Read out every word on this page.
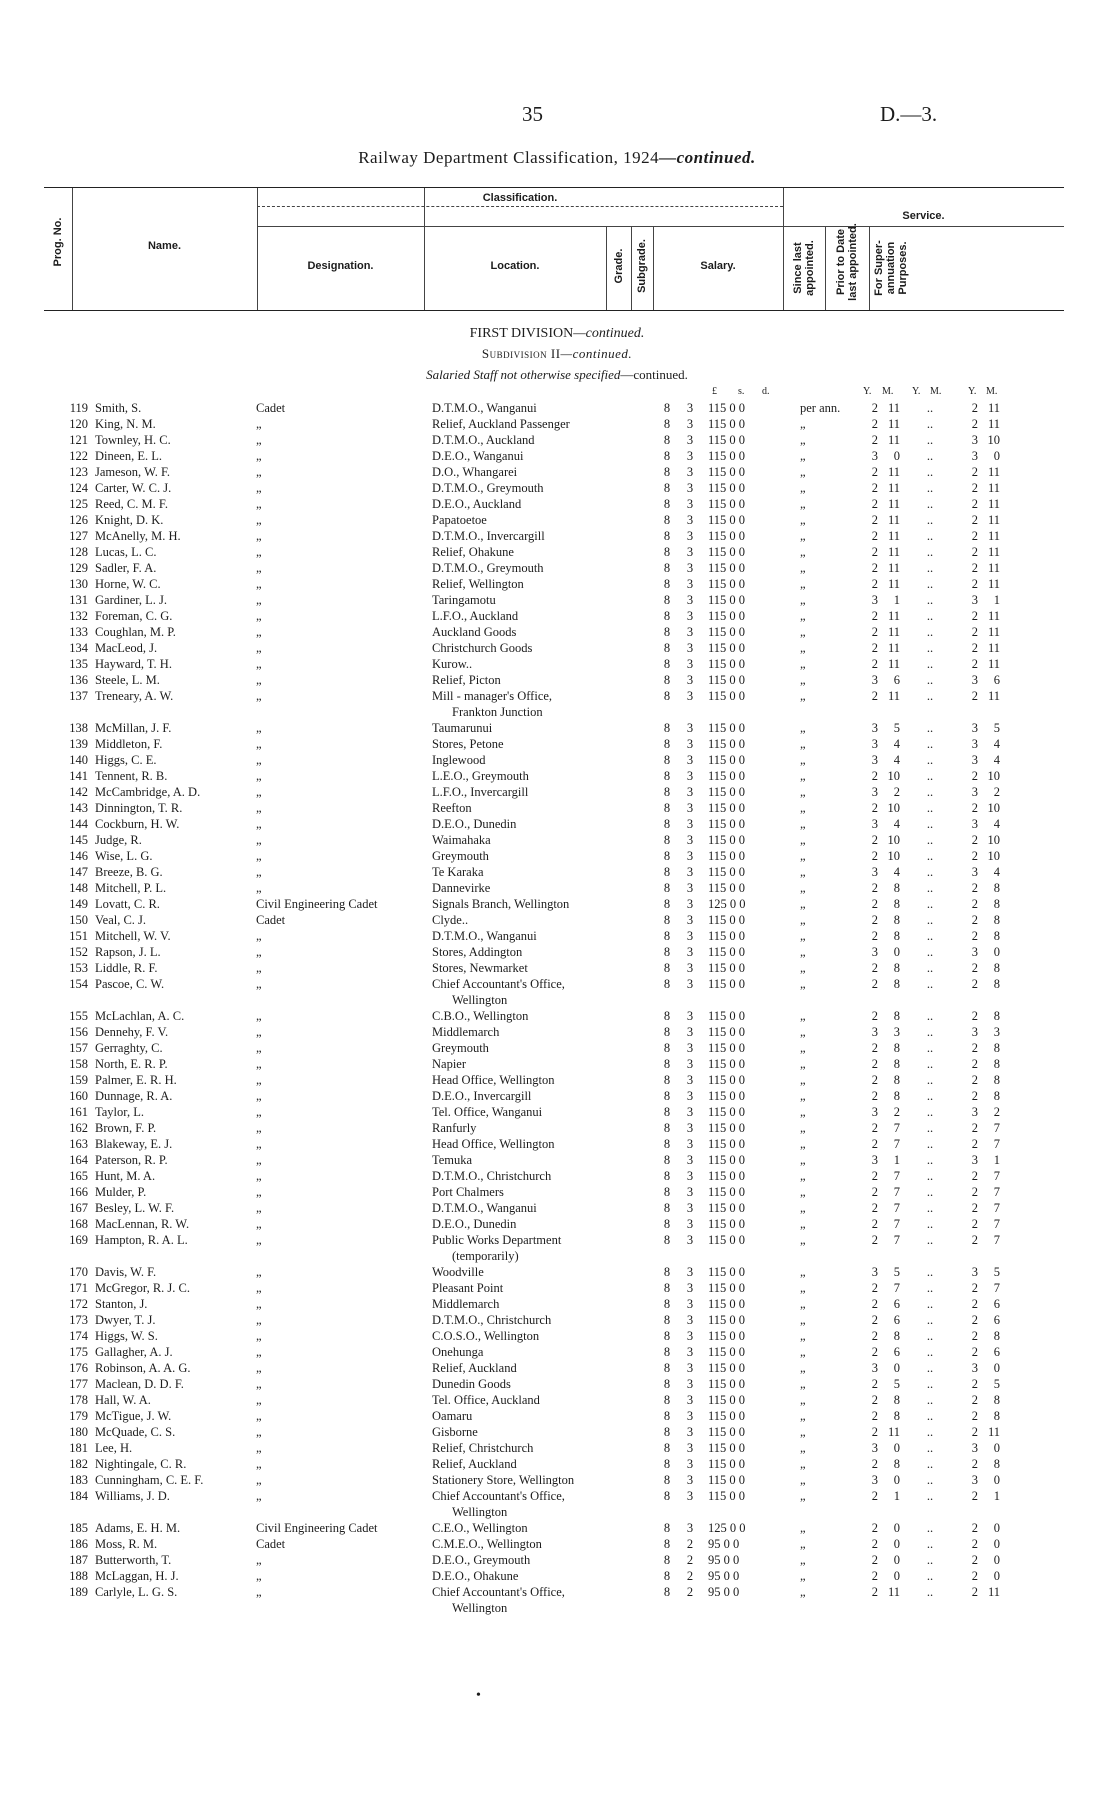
35	D.—3.
Railway Department Classification, 1924—continued.
Prog. No.	Name.
Classification.
Service.
Designation.	Location.	Grade. Subgrade.	Salary.	Since last appointed. Prior to Date last appointed. For Super-annuation Purposes.
FIRST DIVISION—continued.
Subdivision II—continued.
Salaried Staff not otherwise specified—continued.
£ s. d.	Y. M. Y. M.	Y. M.
119 Smith, S.	Cadet	D.T.M.O., Wanganui	8	3	115 0 0	per ann.	2 11	..	2 11
120 King, N. M.	„	Relief, Auckland Passenger	8	3	115 0 0	„	2 11	..	2 11
121 Townley, H. C.	„	D.T.M.O., Auckland	8	3	115 0 0	„	2 11	..	3 10
122 Dineen, E. L.	„	D.E.O., Wanganui	8	3	115 0 0	„	3	0	..	3	0
123 Jameson, W. F.	„	D.O., Whangarei	8	3	115 0 0	„	2 11	..	2 11
124 Carter, W. C. J.	„	D.T.M.O., Greymouth	8	3	115 0 0	„	2 11	..	2 11
125 Reed, C. M. F.	„	D.E.O., Auckland	8	3	115 0 0	„	2 11	..	2 11
126 Knight, D. K.	„	Papatoetoe	8	3	115 0 0	„	2 11	..	2 11
127 McAnelly, M. H.	„	D.T.M.O., Invercargill	8	3	115 0 0	„	2 11	..	2 11
128 Lucas, L. C.	„	Relief, Ohakune	8	3	115 0 0	„	2 11	..	2 11
129 Sadler, F. A.	„	D.T.M.O., Greymouth	8	3	115 0 0	„	2 11	..	2 11
130 Horne, W. C.	„	Relief, Wellington	8	3	115 0 0	„	2 11	..	2 11
131 Gardiner, L. J.	„	Taringamotu	8	3	115 0 0	„	3	1	..	3	1
132 Foreman, C. G.	„	L.F.O., Auckland	8	3	115 0 0	„	2 11	..	2 11
133 Coughlan, M. P.	„	Auckland Goods	8	3	115 0 0	„	2 11	..	2 11
134 MacLeod, J.	„	Christchurch Goods	8	3	115 0 0	„	2 11	..	2 11
135 Hayward, T. H.	„	Kurow..	8	3	115 0 0	„	2 11	..	2 11
136 Steele, L. M.	„	Relief, Picton	8	3	115 0 0	„	3	6	..	3	6
137 Treneary, A. W.	„	Mill - manager's Office,	8	3	115 0 0	„	2 11	..	2 11
Frankton Junction
138 McMillan, J. F.	„	Taumarunui	8	3	115 0 0	„	3	5	..	3	5
139 Middleton, F.	„	Stores, Petone	8	3	115 0 0	„	3	4	..	3	4
140 Higgs, C. E.	„	Inglewood	8	3	115 0 0	„	3	4	..	3	4
141 Tennent, R. B.	„	L.E.O., Greymouth	8	3	115 0 0	„	2 10	..	2 10
142 McCambridge, A. D.	„	L.F.O., Invercargill	8	3	115 0 0	„	3	2	..	3	2
143 Dinnington, T. R.	„	Reefton	8	3	115 0 0	„	2 10	..	2 10
144 Cockburn, H. W.	„	D.E.O., Dunedin	8	3	115 0 0	„	3	4	..	3	4
145 Judge, R.	„	Waimahaka	8	3	115 0 0	„	2 10	..	2 10
146 Wise, L. G.	„	Greymouth	8	3	115 0 0	„	2 10	..	2 10
147 Breeze, B. G.	„	Te Karaka	8	3	115 0 0	„	3	4	..	3	4
148 Mitchell, P. L.	„	Dannevirke	8	3	115 0 0	„	2	8	..	2	8
149 Lovatt, C. R.	Civil Engineering Cadet	Signals Branch, Wellington	8	3	125 0 0	„	2	8	..	2	8
150 Veal, C. J.	Cadet	Clyde..	8	3	115 0 0	„	2	8	..	2	8
151 Mitchell, W. V.	„	D.T.M.O., Wanganui	8	3	115 0 0	„	2	8	..	2	8
152 Rapson, J. L.	„	Stores, Addington	8	3	115 0 0	„	3	0	..	3	0
153 Liddle, R. F.	„	Stores, Newmarket	8	3	115 0 0	„	2	8	..	2	8
154 Pascoe, C. W.	„	Chief Accountant's Office,	8	3	115 0 0	„	2	8	..	2	8
Wellington
155 McLachlan, A. C.	„	C.B.O., Wellington	8	3	115 0 0	„	2	8	..	2	8
156 Dennehy, F. V.	„	Middlemarch	8	3	115 0 0	„	3	3	..	3	3
157 Gerraghty, C.	„	Greymouth	8	3	115 0 0	„	2	8	..	2	8
158 North, E. R. P.	„	Napier	8	3	115 0 0	„	2	8	..	2	8
159 Palmer, E. R. H.	„	Head Office, Wellington	8	3	115 0 0	„	2	8	..	2	8
160 Dunnage, R. A.	„	D.E.O., Invercargill	8	3	115 0 0	„	2	8	..	2	8
161 Taylor, L.	„	Tel. Office, Wanganui	8	3	115 0 0	„	3	2	..	3	2
162 Brown, F. P.	„	Ranfurly	8	3	115 0 0	„	2	7	..	2	7
163 Blakeway, E. J.	„	Head Office, Wellington	8	3	115 0 0	„	2	7	..	2	7
164 Paterson, R. P.	„	Temuka	8	3	115 0 0	„	3	1	..	3	1
165 Hunt, M. A.	„	D.T.M.O., Christchurch	8	3	115 0 0	„	2	7	..	2	7
166 Mulder, P.	„	Port Chalmers	8	3	115 0 0	„	2	7	..	2	7
167 Besley, L. W. F.	„	D.T.M.O., Wanganui	8	3	115 0 0	„	2	7	..	2	7
168 MacLennan, R. W.	„	D.E.O., Dunedin	8	3	115 0 0	„	2	7	..	2	7
169 Hampton, R. A. L.	„	Public Works Department	8	3	115 0 0	„	2	7	..	2	7
(temporarily)
170 Davis, W. F.	„	Woodville	8	3	115 0 0	„	3	5	..	3	5
171 McGregor, R. J. C.	„	Pleasant Point	8	3	115 0 0	„	2	7	..	2	7
172 Stanton, J.	„	Middlemarch	8	3	115 0 0	„	2	6	..	2	6
173 Dwyer, T. J.	„	D.T.M.O., Christchurch	8	3	115 0 0	„	2	6	..	2	6
174 Higgs, W. S.	„	C.O.S.O., Wellington	8	3	115 0 0	„	2	8	..	2	8
175 Gallagher, A. J.	„	Onehunga	8	3	115 0 0	„	2	6	..	2	6
176 Robinson, A. A. G.	„	Relief, Auckland	8	3	115 0 0	„	3	0	..	3	0
177 Maclean, D. D. F.	„	Dunedin Goods	8	3	115 0 0	„	2	5	..	2	5
178 Hall, W. A.	„	Tel. Office, Auckland	8	3	115 0 0	„	2	8	..	2	8
179 McTigue, J. W.	„	Oamaru	8	3	115 0 0	„	2	8	..	2	8
180 McQuade, C. S.	„	Gisborne	8	3	115 0 0	„	2 11	..	2 11
181 Lee, H.	„	Relief, Christchurch	8	3	115 0 0	„	3	0	..	3	0
182 Nightingale, C. R.	„	Relief, Auckland	8	3	115 0 0	„	2	8	..	2	8
183 Cunningham, C. E. F.	„	Stationery Store, Wellington	8	3	115 0 0	„	3	0	..	3	0
184 Williams, J. D.	„	Chief Accountant's Office,	8	3	115 0 0	„	2	1	..	2	1
Wellington
185 Adams, E. H. M.	Civil Engineering Cadet	C.E.O., Wellington	8	3	125 0 0	„	2	0	..	2	0
186 Moss, R. M.	Cadet	C.M.E.O., Wellington	8	2	95 0 0	„	2	0	..	2	0
187 Butterworth, T.	„	D.E.O., Greymouth	8	2	95 0 0	„	2	0	..	2	0
188 McLaggan, H. J.	„	D.E.O., Ohakune	8	2	95 0 0	„	2	0	..	2	0
189 Carlyle, L. G. S.	„	Chief Accountant's Office,	8	2	95 0 0	„	2 11	..	2 11
Wellington
•
